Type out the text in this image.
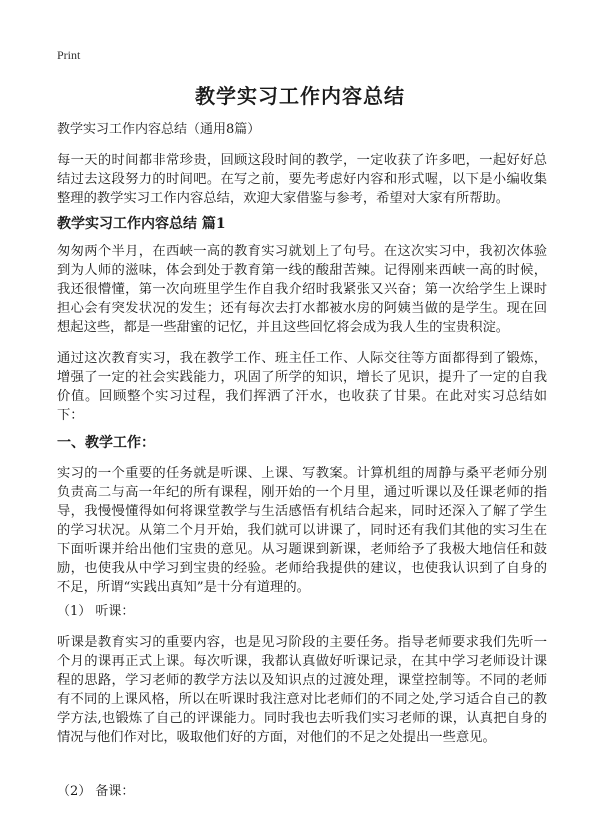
Print
教学实习工作内容总结

教学实习工作内容总结（通用8篇）

每一天的时间都非常珍贵，回顾这段时间的教学，一定收获了许多吧，一起好好总结过去这段努力的时间吧。在写之前，要先考虑好内容和形式喔，以下是小编收集整理的教学实习工作内容总结，欢迎大家借鉴与参考，希望对大家有所帮助。

教学实习工作内容总结 篇1

匆匆两个半月，在西峡一高的教育实习就划上了句号。在这次实习中，我初次体验到为人师的滋味，体会到处于教育第一线的酸甜苦辣。记得刚来西峡一高的时候，我还很懵懂，第一次向班里学生作自我介绍时我紧张又兴奋；第一次给学生上课时担心会有突发状况的发生；还有每次去打水都被水房的阿姨当做的是学生。现在回想起这些，都是一些甜蜜的记忆，并且这些回忆将会成为我人生的宝贵积淀。

通过这次教育实习，我在教学工作、班主任工作、人际交往等方面都得到了锻炼，增强了一定的社会实践能力，巩固了所学的知识，增长了见识，提升了一定的自我价值。回顾整个实习过程，我们挥洒了汗水，也收获了甘果。在此对实习总结如下：

一、教学工作：

实习的一个重要的任务就是听课、上课、写教案。计算机组的周静与桑平老师分别负责高二与高一年纪的所有课程，刚开始的一个月里，通过听课以及任课老师的指导，我慢慢懂得如何将课堂教学与生活感悟有机结合起来，同时还深入了解了学生的学习状况。从第二个月开始，我们就可以讲课了，同时还有我们其他的实习生在下面听课并给出他们宝贵的意见。从习题课到新课，老师给予了我极大地信任和鼓励，也使我从中学习到宝贵的经验。老师给我提供的建议，也使我认识到了自身的不足，所谓“实践出真知”是十分有道理的。

（1） 听课：

听课是教育实习的重要内容，也是见习阶段的主要任务。指导老师要求我们先听一个月的课再正式上课。每次听课，我都认真做好听课记录，在其中学习老师设计课程的思路，学习老师的教学方法以及知识点的过渡处理，课堂控制等。不同的老师有不同的上课风格，所以在听课时我注意对比老师们的不同之处,学习适合自己的教学方法,也锻炼了自己的评课能力。同时我也去听我们实习老师的课，认真把自身的情况与他们作对比，吸取他们好的方面，对他们的不足之处提出一些意见。

（2） 备课：
